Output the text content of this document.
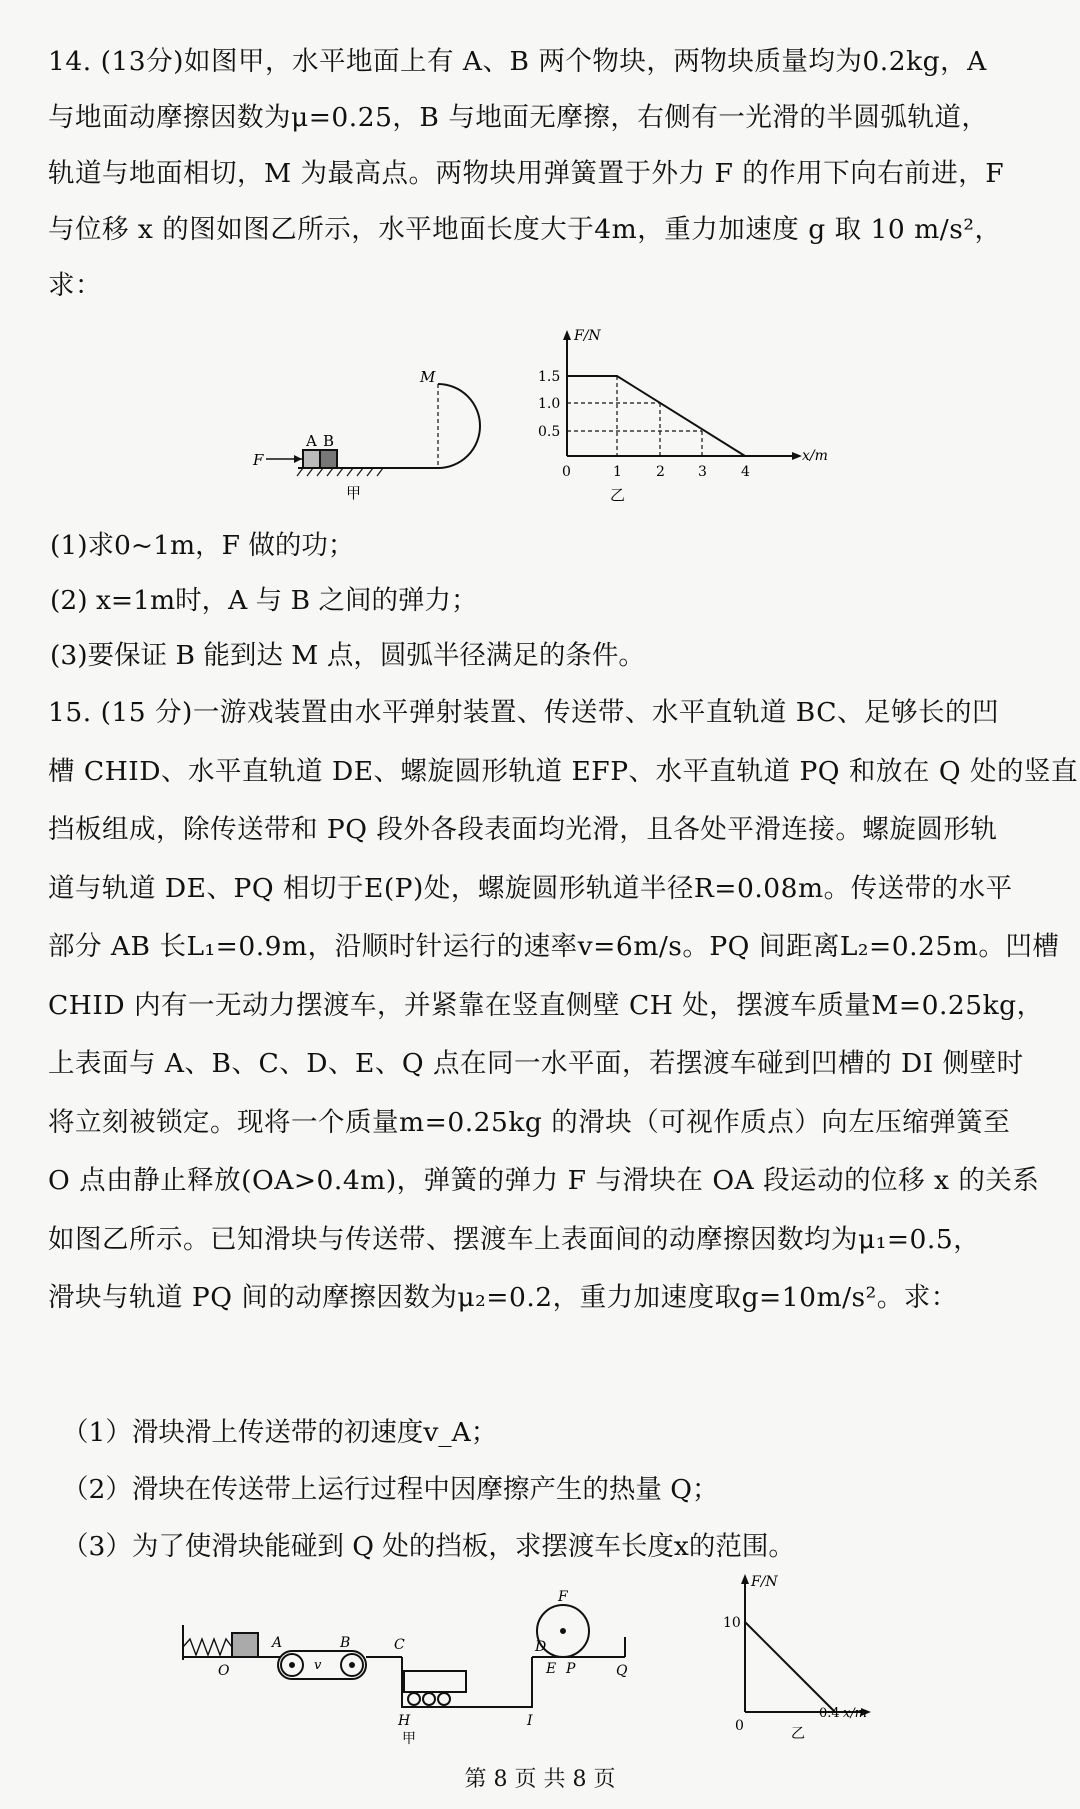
14. (13分)如图甲，水平地面上有 A、B 两个物块，两物块质量均为0.2kg，A
与地面动摩擦因数为μ=0.25，B 与地面无摩擦，右侧有一光滑的半圆弧轨道，
轨道与地面相切，M 为最高点。两物块用弹簧置于外力 F 的作用下向右前进，F
与位移 x 的图如图乙所示，水平地面长度大于4m，重力加速度 g 取 10 m/s²，
求：
F
A B
M
甲
F/N
x/m
1.5
1.0
0.5
0	1 2 3 4
乙

(1)求0~1m，F 做的功；

(2) x=1m时，A 与 B 之间的弹力；

(3)要保证 B 能到达 M 点，圆弧半径满足的条件。

15. (15 分)一游戏装置由水平弹射装置、传送带、水平直轨道 BC、足够长的凹
槽 CHID、水平直轨道 DE、螺旋圆形轨道 EFP、水平直轨道 PQ 和放在 Q 处的竖直
挡板组成，除传送带和 PQ 段外各段表面均光滑，且各处平滑连接。螺旋圆形轨
道与轨道 DE、PQ 相切于E(P)处，螺旋圆形轨道半径R=0.08m。传送带的水平
部分 AB 长L₁=0.9m，沿顺时针运行的速率v=6m/s。PQ 间距离L₂=0.25m。凹槽
CHID 内有一无动力摆渡车，并紧靠在竖直侧壁 CH 处，摆渡车质量M=0.25kg，
上表面与 A、B、C、D、E、Q 点在同一水平面，若摆渡车碰到凹槽的 DI 侧壁时
将立刻被锁定。现将一个质量m=0.25kg 的滑块（可视作质点）向左压缩弹簧至
O 点由静止释放(OA>0.4m)，弹簧的弹力 F 与滑块在 OA 段运动的位移 x 的关系
如图乙所示。已知滑块与传送带、摆渡车上表面间的动摩擦因数均为μ₁=0.5，
滑块与轨道 PQ 间的动摩擦因数为μ₂=0.2，重力加速度取g=10m/s²。求：

（1）滑块滑上传送带的初速度v_A；

（2）滑块在传送带上运行过程中因摩擦产生的热量 Q；

（3）为了使滑块能碰到 Q 处的挡板，求摆渡车长度x的范围。

O
A
v
B	C
H	I
D
F
E P	Q
甲
F/N
10
0
0.4 x/m
乙
第 8 页 共 8 页
